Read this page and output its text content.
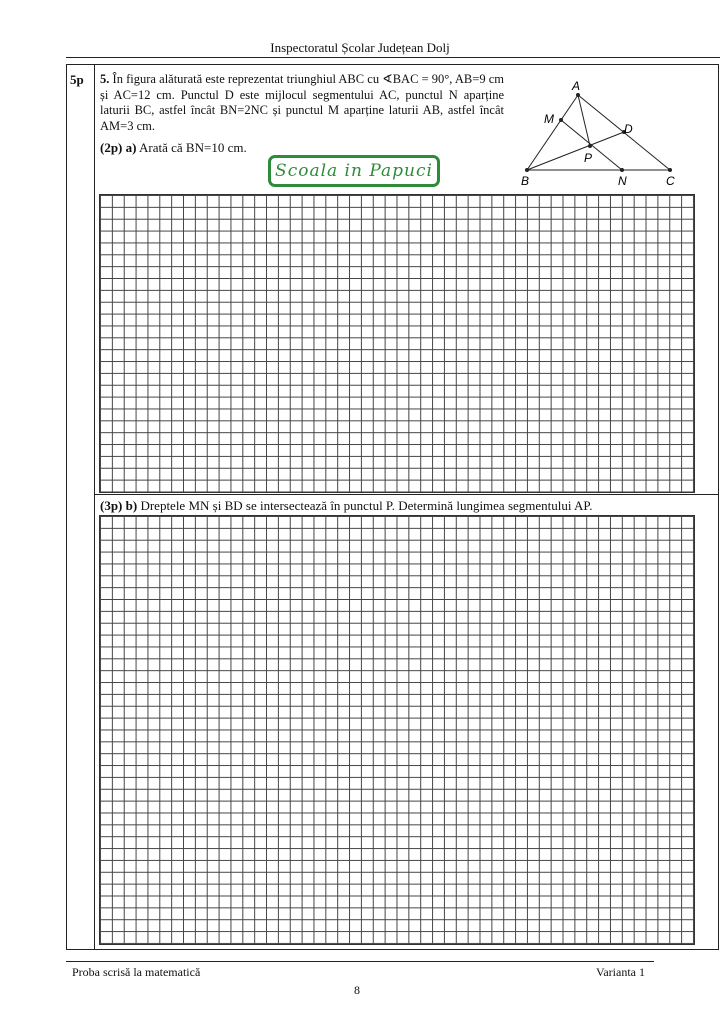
Inspectoratul Școlar Județean Dolj
5p 5. În figura alăturată este reprezentat triunghiul ABC cu ∢BAC = 90°, AB=9 cm și AC=12 cm. Punctul D este mijlocul segmentului AC, punctul N aparține laturii BC, astfel încât BN=2NC și punctul M aparține laturii AB, astfel încât AM=3 cm.
(2p) a) Arată că BN=10 cm.
Scoala in Papuci
A
M
D
P
B	N	C
(3p) b) Dreptele MN și BD se intersectează în punctul P. Determină lungimea segmentului AP.
Proba scrisă la matematică
8
Varianta 1
